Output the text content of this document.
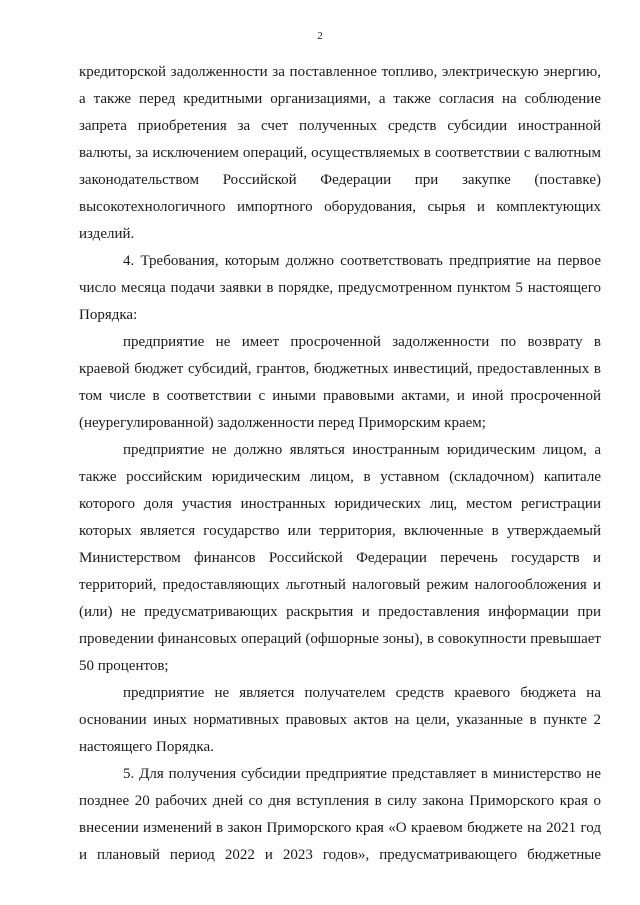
2
кредиторской задолженности за поставленное топливо, электрическую энергию,
а также перед кредитными организациями, а также согласия на соблюдение
запрета приобретения за счет полученных средств субсидии иностранной
валюты, за исключением операций, осуществляемых в соответствии с валютным
законодательством Российской Федерации при закупке (поставке)
высокотехнологичного импортного оборудования, сырья и комплектующих
изделий.
4. Требования, которым должно соответствовать предприятие на первое
число месяца подачи заявки в порядке, предусмотренном пунктом 5 настоящего
Порядка:
предприятие не имеет просроченной задолженности по возврату в
краевой бюджет субсидий, грантов, бюджетных инвестиций, предоставленных в
том числе в соответствии с иными правовыми актами, и иной просроченной
(неурегулированной) задолженности перед Приморским краем;
предприятие не должно являться иностранным юридическим лицом, а
также российским юридическим лицом, в уставном (складочном) капитале
которого доля участия иностранных юридических лиц, местом регистрации
которых является государство или территория, включенные в утверждаемый
Министерством финансов Российской Федерации перечень государств и
территорий, предоставляющих льготный налоговый режим налогообложения и
(или) не предусматривающих раскрытия и предоставления информации при
проведении финансовых операций (офшорные зоны), в совокупности превышает
50 процентов;
предприятие не является получателем средств краевого бюджета на
основании иных нормативных правовых актов на цели, указанные в пункте 2
настоящего Порядка.
5. Для получения субсидии предприятие представляет в министерство не
позднее 20 рабочих дней со дня вступления в силу закона Приморского края о
внесении изменений в закон Приморского края «О краевом бюджете на 2021 год
и плановый период 2022 и 2023 годов», предусматривающего бюджетные
